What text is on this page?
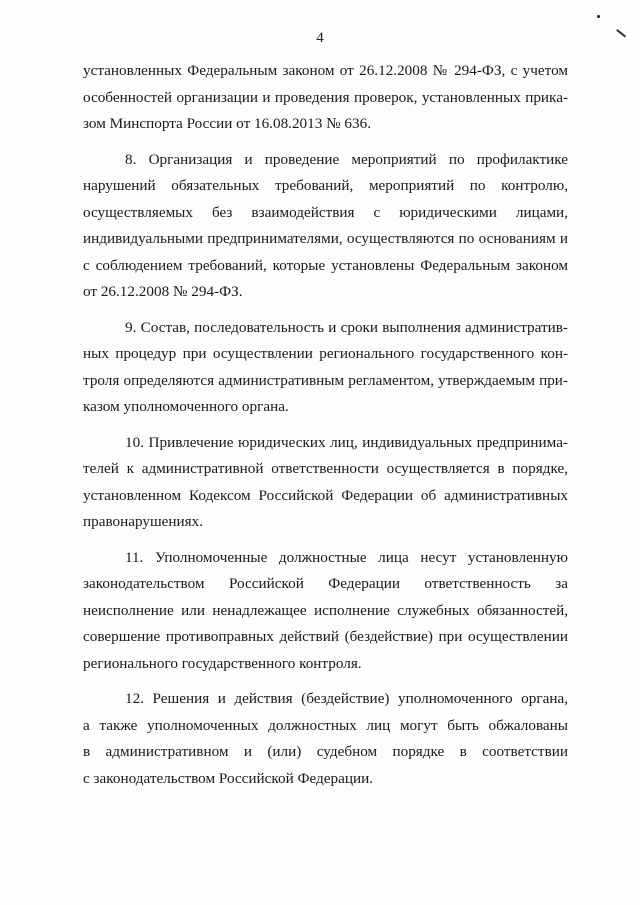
4

установленных Федеральным законом от 26.12.2008 № 294-ФЗ, с учетом
особенностей организации и проведения проверок, установленных прика-
зом Минспорта России от 16.08.2013 № 636.

8. Организация и проведение мероприятий по профилактике
нарушений обязательных требований, мероприятий по контролю,
осуществляемых без взаимодействия с юридическими лицами,
индивидуальными предпринимателями, осуществляются по основаниям и
с соблюдением требований, которые установлены Федеральным законом
от 26.12.2008 № 294-ФЗ.

9. Состав, последовательность и сроки выполнения административ-
ных процедур при осуществлении регионального государственного кон-
троля определяются административным регламентом, утверждаемым при-
казом уполномоченного органа.

10. Привлечение юридических лиц, индивидуальных предпринима-
телей к административной ответственности осуществляется в порядке,
установленном Кодексом Российской Федерации об административных
правонарушениях.

11. Уполномоченные должностные лица несут установленную
законодательством Российской Федерации ответственность за
неисполнение или ненадлежащее исполнение служебных обязанностей,
совершение противоправных действий (бездействие) при осуществлении
регионального государственного контроля.

12. Решения и действия (бездействие) уполномоченного органа,
а также уполномоченных должностных лиц могут быть обжалованы
в административном и (или) судебном порядке в соответствии
с законодательством Российской Федерации.
